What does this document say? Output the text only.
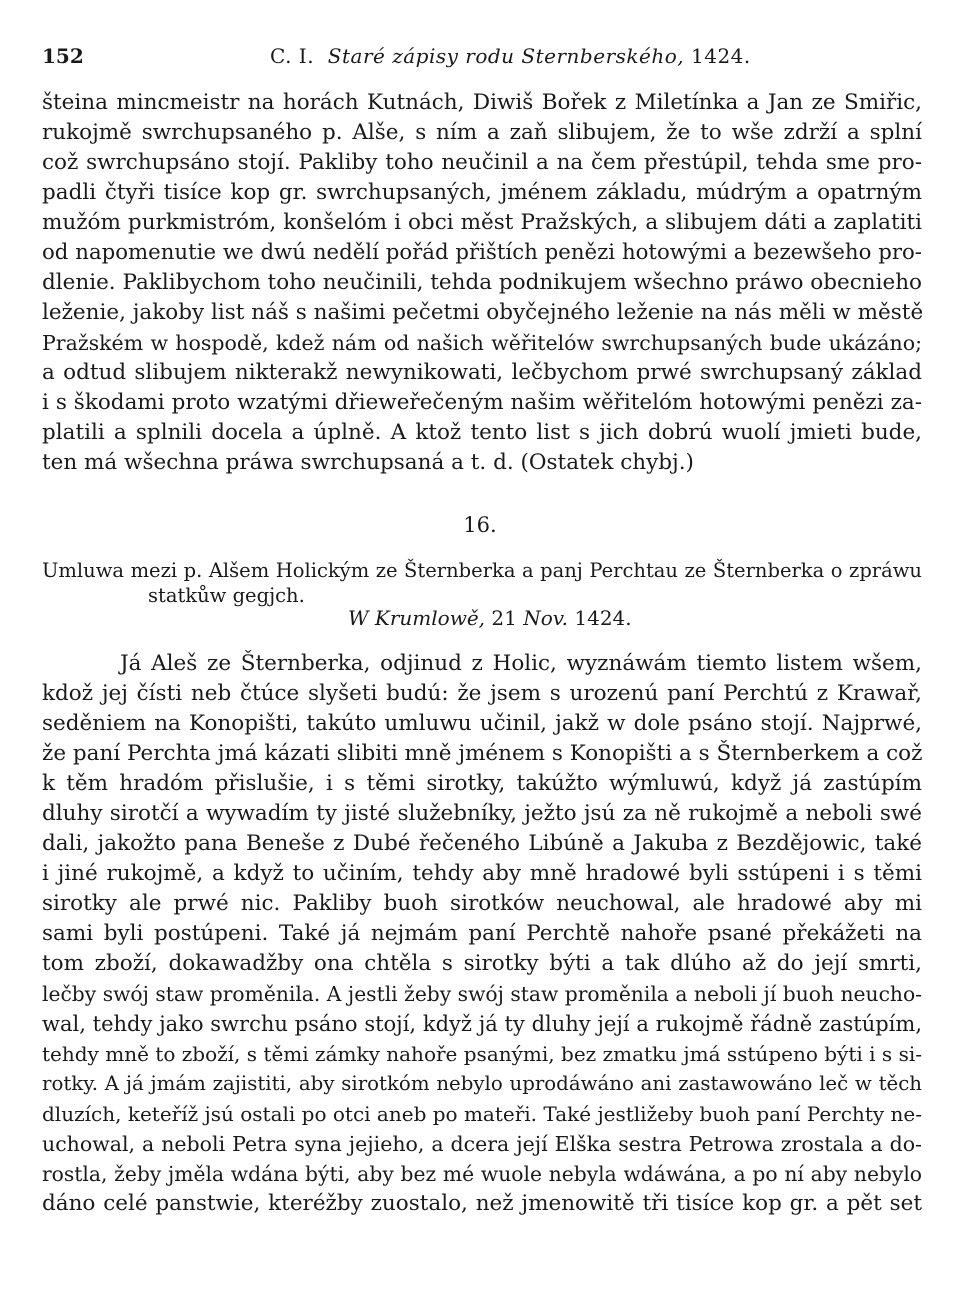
152	C. I. Staré zápisy rodu Sternberského, 1424.
šteina mincmeistr na horách Kutnách, Diwiš Bořek z Miletínka a Jan ze Smiřic,
rukojmě swrchupsaného p. Alše, s ním a zaň slibujem, že to wše zdrží a splní
což swrchupsáno stojí. Pakliby toho neučinil a na čem přestúpil, tehda sme pro-
padli čtyři tisíce kop gr. swrchupsaných, jménem základu, múdrým a opatrným
mužóm purkmistróm, konšelóm i obci měst Pražských, a slibujem dáti a zaplatiti
od napomenutie we dwú nedělí pořád přištích penězi hotowými a bezewšeho pro-
dlenie. Paklibychom toho neučinili, tehda podnikujem wšechno práwo obecnieho
leženie, jakoby list náš s našimi pečetmi obyčejného leženie na nás měli w městě
Pražském w hospodě, kdež nám od našich wěřitelów swrchupsaných bude ukázáno;
a odtud slibujem nikterakž newynikowati, lečbychom prwé swrchupsaný základ
i s škodami proto wzatými dřieweřečeným našim wěřitelóm hotowými penězi za-
platili a splnili docela a úplně. A ktož tento list s jich dobrú wuolí jmieti bude,
ten má wšechna práwa swrchupsaná a t. d. (Ostatek chybj.)
16.
Umluwa mezi p. Alšem Holickým ze Šternberka a panj Perchtau ze Šternberka o zpráwu
statkůw gegjch.
W Krumlowě, 21 Nov. 1424.
Já Aleš ze Šternberka, odjinud z Holic, wyznáwám tiemto listem wšem,
kdož jej čísti neb čtúce slyšeti budú: že jsem s urozenú paní Perchtú z Krawař,
seděniem na Konopišti, takúto umluwu učinil, jakž w dole psáno stojí. Najprwé,
že paní Perchta jmá kázati slibiti mně jménem s Konopišti a s Šternberkem a což
k těm hradóm přislušie, i s těmi sirotky, takúžto wýmluwú, když já zastúpím
dluhy sirotčí a wywadím ty jisté služebníky, ježto jsú za ně rukojmě a neboli swé
dali, jakožto pana Beneše z Dubé řečeného Libúně a Jakuba z Bezdějowic, také
i jiné rukojmě, a když to učiním, tehdy aby mně hradowé byli sstúpeni i s těmi
sirotky ale prwé nic. Pakliby buoh sirotków neuchowal, ale hradowé aby mi
sami byli postúpeni. Také já nejmám paní Perchtě nahoře psané překážeti na
tom zboží, dokawadžby ona chtěla s sirotky býti a tak dlúho až do její smrti,
lečby swój staw proměnila. A jestli žeby swój staw proměnila a neboli jí buoh neucho-
wal, tehdy jako swrchu psáno stojí, když já ty dluhy její a rukojmě řádně zastúpím,
tehdy mně to zboží, s těmi zámky nahoře psanými, bez zmatku jmá sstúpeno býti i s si-
rotky. A já jmám zajistiti, aby sirotkóm nebylo uprodáwáno ani zastawowáno leč w těch
dluzích, keteříž jsú ostali po otci aneb po mateři. Také jestližeby buoh paní Perchty ne-
uchowal, a neboli Petra syna jejieho, a dcera její Elška sestra Petrowa zrostala a do-
rostla, žeby jměla wdána býti, aby bez mé wuole nebyla wdáwána, a po ní aby nebylo
dáno celé panstwie, kteréžby zuostalo, než jmenowitě tři tisíce kop gr. a pět set
